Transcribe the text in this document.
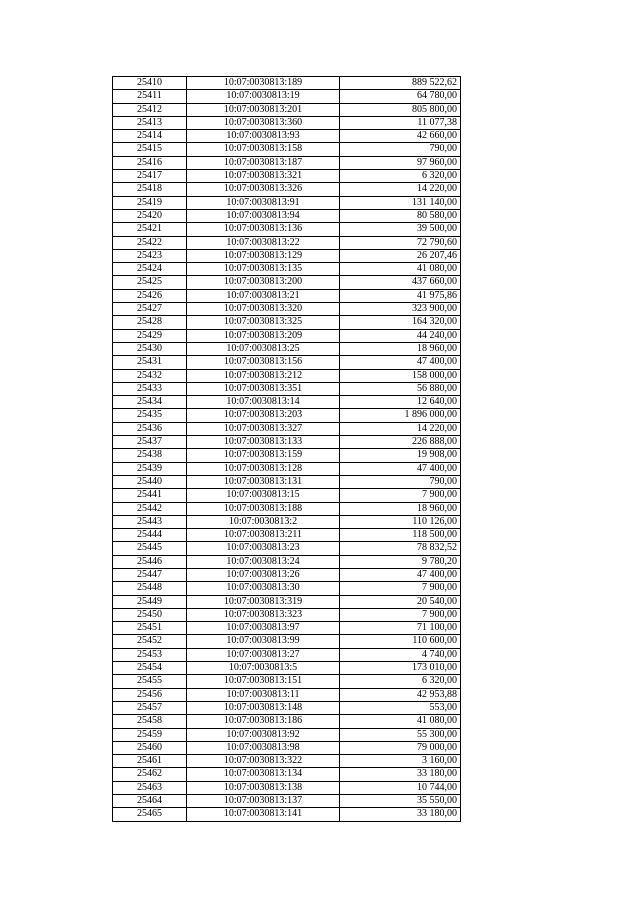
25410	10:07:0030813:189	889 522,62
25411	10:07:0030813:19	64 780,00
25412	10:07:0030813:201	805 800,00
25413	10:07:0030813:360	11 077,38
25414	10:07:0030813:93	42 660,00
25415	10:07:0030813:158	790,00
25416	10:07:0030813:187	97 960,00
25417	10:07:0030813:321	6 320,00
25418	10:07:0030813:326	14 220,00
25419	10:07:0030813:91	131 140,00
25420	10:07:0030813:94	80 580,00
25421	10:07:0030813:136	39 500,00
25422	10:07:0030813:22	72 790,60
25423	10:07:0030813:129	26 207,46
25424	10:07:0030813:135	41 080,00
25425	10:07:0030813:200	437 660,00
25426	10:07:0030813:21	41 975,86
25427	10:07:0030813:320	323 900,00
25428	10:07:0030813:325	164 320,00
25429	10:07:0030813:209	44 240,00
25430	10:07:0030813:25	18 960,00
25431	10:07:0030813:156	47 400,00
25432	10:07:0030813:212	158 000,00
25433	10:07:0030813:351	56 880,00
25434	10:07:0030813:14	12 640,00
25435	10:07:0030813:203	1 896 000,00
25436	10:07:0030813:327	14 220,00
25437	10:07:0030813:133	226 888,00
25438	10:07:0030813:159	19 908,00
25439	10:07:0030813:128	47 400,00
25440	10:07:0030813:131	790,00
25441	10:07:0030813:15	7 900,00
25442	10:07:0030813:188	18 960,00
25443	10:07:0030813:2	110 126,00
25444	10:07:0030813:211	118 500,00
25445	10:07:0030813:23	78 832,52
25446	10:07:0030813:24	9 780,20
25447	10:07:0030813:26	47 400,00
25448	10:07:0030813:30	7 900,00
25449	10:07:0030813:319	20 540,00
25450	10:07:0030813:323	7 900,00
25451	10:07:0030813:97	71 100,00
25452	10:07:0030813:99	110 600,00
25453	10:07:0030813:27	4 740,00
25454	10:07:0030813:5	173 010,00
25455	10:07:0030813:151	6 320,00
25456	10:07:0030813:11	42 953,88
25457	10:07:0030813:148	553,00
25458	10:07:0030813:186	41 080,00
25459	10:07:0030813:92	55 300,00
25460	10:07:0030813:98	79 000,00
25461	10:07:0030813:322	3 160,00
25462	10:07:0030813:134	33 180,00
25463	10:07:0030813:138	10 744,00
25464	10:07:0030813:137	35 550,00
25465	10:07:0030813:141	33 180,00
